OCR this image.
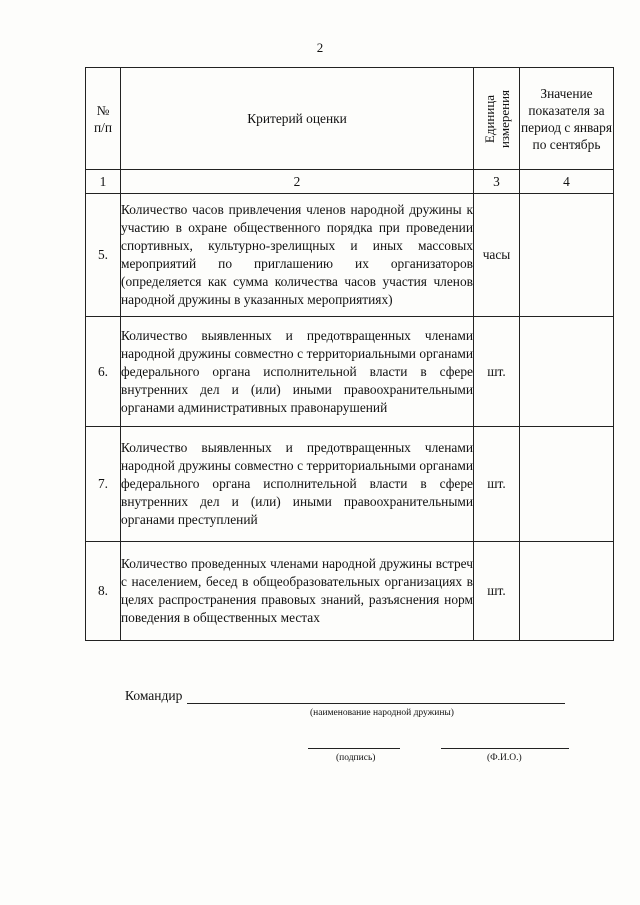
2
№ п/п	Критерий оценки	Единица измерения	Значение показателя за период с января по сентябрь
1	2	3	4
5.	Количество часов привлечения членов народной дружины к участию в охране общественного порядка при проведении спортивных, культурно-зрелищных и иных массовых мероприятий по приглашению их организаторов (определяется как сумма количества часов участия членов народной дружины в указанных мероприятиях)	часы	
6.	Количество выявленных и предотвращенных членами народной дружины совместно с территориальными органами федерального органа исполнительной власти в сфере внутренних дел и (или) иными правоохранительными органами административных правонарушений	шт.	
7.	Количество выявленных и предотвращенных членами народной дружины совместно с территориальными органами федерального органа исполнительной власти в сфере внутренних дел и (или) иными правоохранительными органами преступлений	шт.	
8.	Количество проведенных членами народной дружины встреч с населением, бесед в общеобразовательных организациях в целях распространения правовых знаний, разъяснения норм поведения в общественных местах	шт.	
Командир
(наименование народной дружины)
(подпись)	(Ф.И.О.)
